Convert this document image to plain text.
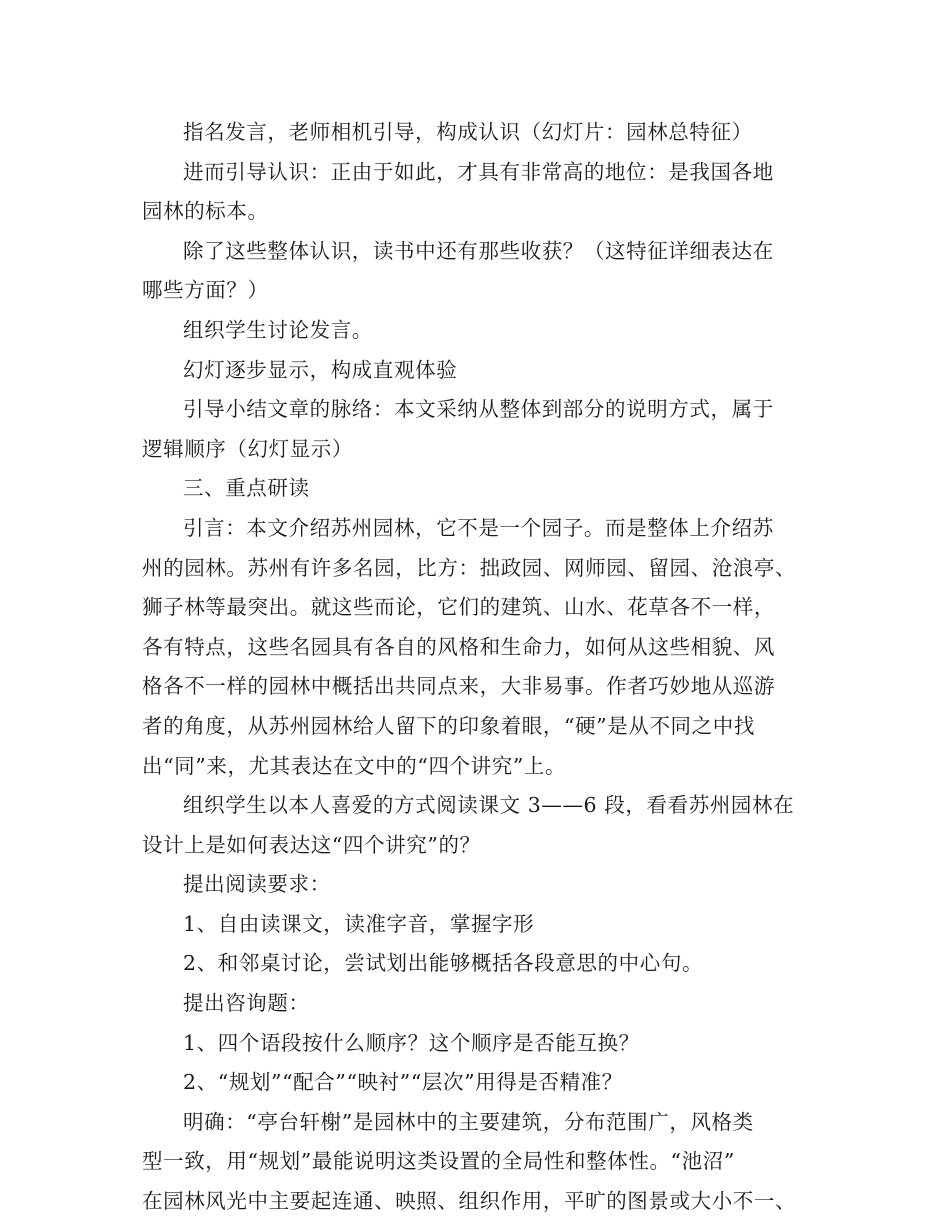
指名发言，老师相机引导，构成认识（幻灯片：园林总特征）

进而引导认识：正由于如此，才具有非常高的地位：是我国各地
园林的标本。

除了这些整体认识，读书中还有那些收获？（这特征详细表达在
哪些方面？）

组织学生讨论发言。

幻灯逐步显示，构成直观体验

引导小结文章的脉络：本文采纳从整体到部分的说明方式，属于
逻辑顺序（幻灯显示）

三、重点研读

引言：本文介绍苏州园林，它不是一个园子。而是整体上介绍苏
州的园林。苏州有许多名园，比方：拙政园、网师园、留园、沧浪亭、
狮子林等最突出。就这些而论，它们的建筑、山水、花草各不一样，
各有特点，这些名园具有各自的风格和生命力，如何从这些相貌、风
格各不一样的园林中概括出共同点来，大非易事。作者巧妙地从巡游
者的角度，从苏州园林给人留下的印象着眼，“硬”是从不同之中找
出“同”来，尤其表达在文中的“四个讲究”上。

组织学生以本人喜爱的方式阅读课文 3——6 段，看看苏州园林在
设计上是如何表达这“四个讲究”的？

提出阅读要求：

1、自由读课文，读准字音，掌握字形

2、和邻桌讨论，尝试划出能够概括各段意思的中心句。

提出咨询题：

1、四个语段按什么顺序？这个顺序是否能互换？

2、“规划”“配合”“映衬”“层次”用得是否精准？

明确：“亭台轩榭”是园林中的主要建筑，分布范围广，风格类
型一致，用“规划”最能说明这类设置的全局性和整体性。“池沼”
在园林风光中主要起连通、映照、组织作用，平旷的图景或大小不一、
